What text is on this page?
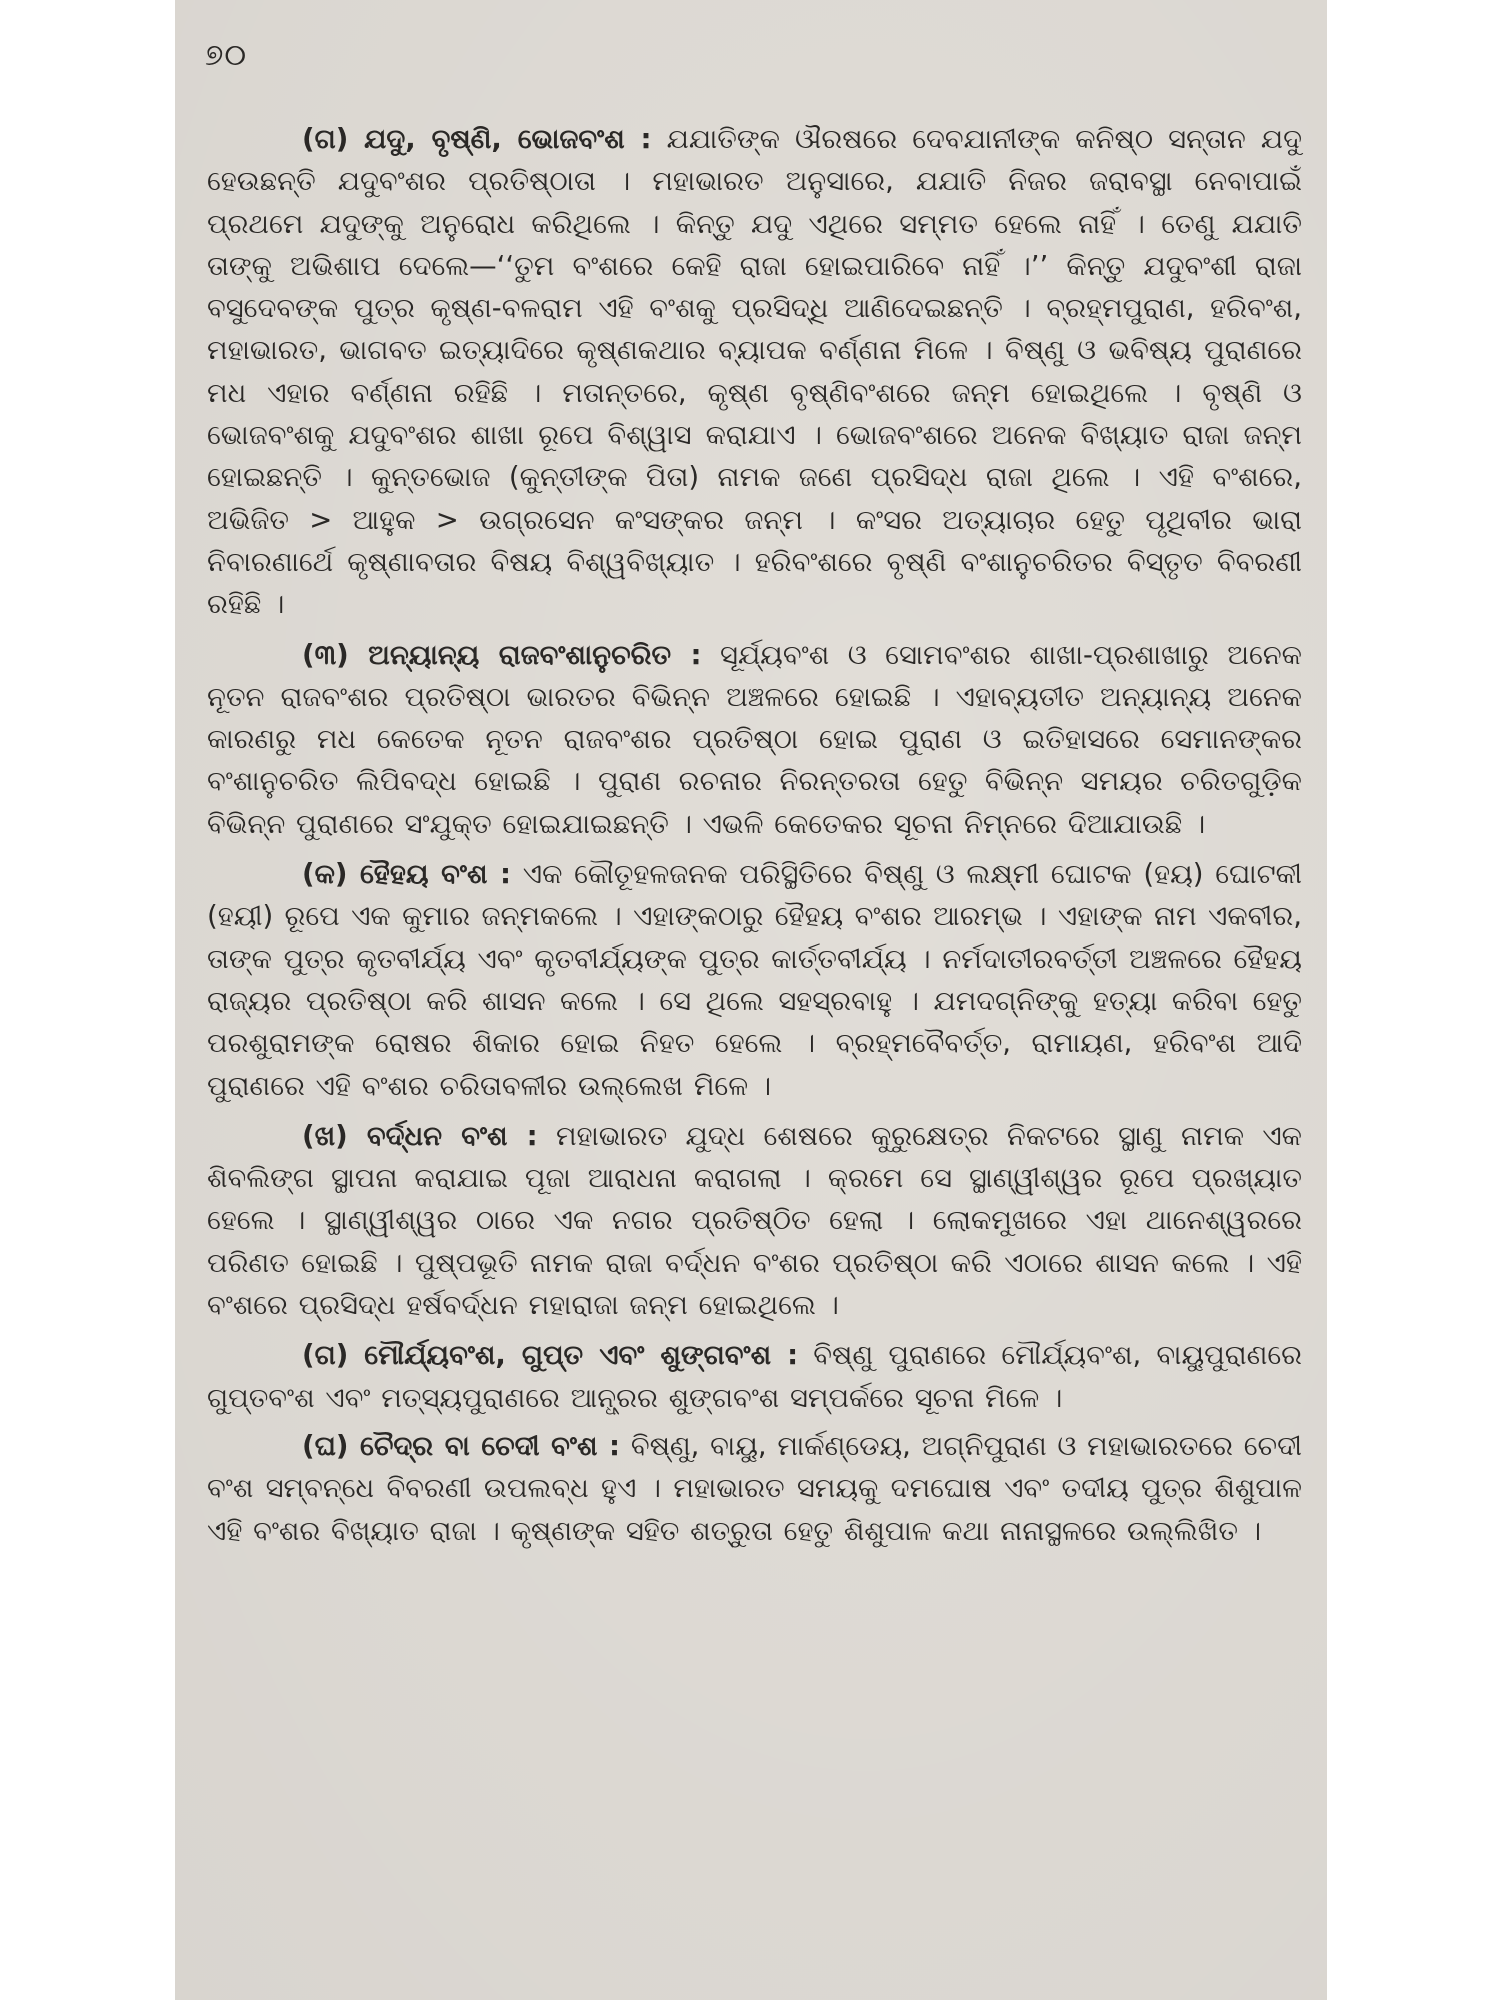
୭୦

(ଗ) ଯଦୁ, ବୃଷ୍ଣି, ଭୋଜବଂଶ : ଯଯାତିଙ୍କ ଔରଷରେ ଦେବଯାନୀଙ୍କ କନିଷ୍ଠ ସନ୍ତାନ ଯଦୁ ହେଉଛନ୍ତି ଯଦୁବଂଶର ପ୍ରତିଷ୍ଠାତା । ମହାଭାରତ ଅନୁସାରେ, ଯଯାତି ନିଜର ଜରାବସ୍ଥା ନେବାପାଇଁ ପ୍ରଥମେ ଯଦୁଙ୍କୁ ଅନୁରୋଧ କରିଥିଲେ । କିନ୍ତୁ ଯଦୁ ଏଥିରେ ସମ୍ମତ ହେଲେ ନାହିଁ । ତେଣୁ ଯଯାତି ତାଙ୍କୁ ଅଭିଶାପ ଦେଲେ—‘‘ତୁମ ବଂଶରେ କେହି ରାଜା ହୋଇପାରିବେ ନାହିଁ ।’’ କିନ୍ତୁ ଯଦୁବଂଶୀ ରାଜା ବସୁଦେବଙ୍କ ପୁତ୍ର କୃଷ୍ଣ-ବଳରାମ ଏହି ବଂଶକୁ ପ୍ରସିଦ୍ଧି ଆଣିଦେଇଛନ୍ତି । ବ୍ରହ୍ମପୁରାଣ, ହରିବଂଶ, ମହାଭାରତ, ଭାଗବତ ଇତ୍ୟାଦିରେ କୃଷ୍ଣକଥାର ବ୍ୟାପକ ବର୍ଣ୍ଣନା ମିଳେ । ବିଷ୍ଣୁ ଓ ଭବିଷ୍ୟ ପୁରାଣରେ ମଧ ଏହାର ବର୍ଣ୍ଣନା ରହିଛି । ମତାନ୍ତରେ, କୃଷ୍ଣ ବୃଷ୍ଣିବଂଶରେ ଜନ୍ମ ହୋଇଥିଲେ । ବୃଷ୍ଣି ଓ ଭୋଜବଂଶକୁ ଯଦୁବଂଶର ଶାଖା ରୂପେ ବିଶ୍ୱାସ କରାଯାଏ । ଭୋଜବଂଶରେ ଅନେକ ବିଖ୍ୟାତ ରାଜା ଜନ୍ମ ହୋଇଛନ୍ତି । କୁନ୍ତଭୋଜ (କୁନ୍ତୀଙ୍କ ପିତା) ନାମକ ଜଣେ ପ୍ରସିଦ୍ଧ ରାଜା ଥିଲେ । ଏହି ବଂଶରେ, ଅଭିଜିତ > ଆହୁକ > ଉଗ୍ରସେନ କଂସଙ୍କର ଜନ୍ମ । କଂସର ଅତ୍ୟାଚାର ହେତୁ ପୃଥିବୀର ଭାରା ନିବାରଣାର୍ଥେ କୃଷ୍ଣାବତାର ବିଷୟ ବିଶ୍ୱବିଖ୍ୟାତ । ହରିବଂଶରେ ବୃଷ୍ଣି ବଂଶାନୁଚରିତର ବିସ୍ତୃତ ବିବରଣୀ ରହିଛି ।

(୩) ଅନ୍ୟାନ୍ୟ ରାଜବଂଶାନୁଚରିତ : ସୂର୍ଯ୍ୟବଂଶ ଓ ସୋମବଂଶର ଶାଖା-ପ୍ରଶାଖାରୁ ଅନେକ ନୂତନ ରାଜବଂଶର ପ୍ରତିଷ୍ଠା ଭାରତର ବିଭିନ୍ନ ଅଞ୍ଚଳରେ ହୋଇଛି । ଏହାବ୍ୟତୀତ ଅନ୍ୟାନ୍ୟ ଅନେକ କାରଣରୁ ମଧ କେତେକ ନୂତନ ରାଜବଂଶର ପ୍ରତିଷ୍ଠା ହୋଇ ପୁରାଣ ଓ ଇତିହାସରେ ସେମାନଙ୍କର ବଂଶାନୁଚରିତ ଲିପିବଦ୍ଧ ହୋଇଛି । ପୁରାଣ ରଚନାର ନିରନ୍ତରତା ହେତୁ ବିଭିନ୍ନ ସମୟର ଚରିତଗୁଡ଼ିକ ବିଭିନ୍ନ ପୁରାଣରେ ସଂଯୁକ୍ତ ହୋଇଯାଇଛନ୍ତି । ଏଭଳି କେତେକର ସୂଚନା ନିମ୍ନରେ ଦିଆଯାଉଛି ।

(କ) ହୈହୟ ବଂଶ : ଏକ କୌତୂହଳଜନକ ପରିସ୍ଥିତିରେ ବିଷ୍ଣୁ ଓ ଲକ୍ଷ୍ମୀ ଘୋଟକ (ହୟ) ଘୋଟକୀ (ହୟୀ) ରୂପେ ଏକ କୁମାର ଜନ୍ମକଲେ । ଏହାଙ୍କଠାରୁ ହୈହୟ ବଂଶର ଆରମ୍ଭ । ଏହାଙ୍କ ନାମ ଏକବୀର, ତାଙ୍କ ପୁତ୍ର କୃତବୀର୍ଯ୍ୟ ଏବଂ କୃତବୀର୍ଯ୍ୟଙ୍କ ପୁତ୍ର କାର୍ତ୍ତବୀର୍ଯ୍ୟ । ନର୍ମଦାତୀରବର୍ତ୍ତୀ ଅଞ୍ଚଳରେ ହୈହୟ ରାଜ୍ୟର ପ୍ରତିଷ୍ଠା କରି ଶାସନ କଲେ । ସେ ଥିଲେ ସହସ୍ରବାହୁ । ଯମଦଗ୍ନିଙ୍କୁ ହତ୍ୟା କରିବା ହେତୁ ପରଶୁରାମଙ୍କ ରୋଷର ଶିକାର ହୋଇ ନିହତ ହେଲେ । ବ୍ରହ୍ମବୈବର୍ତ୍ତ, ରାମାୟଣ, ହରିବଂଶ ଆଦି ପୁରାଣରେ ଏହି ବଂଶର ଚରିତାବଳୀର ଉଲ୍ଲେଖ ମିଳେ ।

(ଖ) ବର୍ଦ୍ଧନ ବଂଶ : ମହାଭାରତ ଯୁଦ୍ଧ ଶେଷରେ କୁରୁକ୍ଷେତ୍ର ନିକଟରେ ସ୍ଥାଣୁ ନାମକ ଏକ ଶିବଲିଙ୍ଗ ସ୍ଥାପନା କରାଯାଇ ପୂଜା ଆରାଧନା କରାଗଲା । କ୍ରମେ ସେ ସ୍ଥାଣ୍ୱୀଶ୍ୱର ରୂପେ ପ୍ରଖ୍ୟାତ ହେଲେ । ସ୍ଥାଣ୍ୱୀଶ୍ୱର ଠାରେ ଏକ ନଗର ପ୍ରତିଷ୍ଠିତ ହେଲା । ଲୋକମୁଖରେ ଏହା ଥାନେଶ୍ୱରରେ ପରିଣତ ହୋଇଛି । ପୁଷ୍ପଭୂତି ନାମକ ରାଜା ବର୍ଦ୍ଧନ ବଂଶର ପ୍ରତିଷ୍ଠା କରି ଏଠାରେ ଶାସନ କଲେ । ଏହି ବଂଶରେ ପ୍ରସିଦ୍ଧ ହର୍ଷବର୍ଦ୍ଧନ ମହାରାଜା ଜନ୍ମ ହୋଇଥିଲେ ।

(ଗ) ମୌର୍ଯ୍ୟବଂଶ, ଗୁପ୍ତ ଏବଂ ଶୁଙ୍ଗବଂଶ : ବିଷ୍ଣୁ ପୁରାଣରେ ମୌର୍ଯ୍ୟବଂଶ, ବାୟୁପୁରାଣରେ ଗୁପ୍ତବଂଶ ଏବଂ ମତ୍ସ୍ୟପୁରାଣରେ ଆନ୍ଧ୍ରର ଶୁଙ୍ଗବଂଶ ସମ୍ପର୍କରେ ସୂଚନା ମିଳେ ।

(ଘ) ଚୈଦ୍ର ବା ଚେଦୀ ବଂଶ : ବିଷ୍ଣୁ, ବାୟୁ, ମାର୍କଣ୍ଡେୟ, ଅଗ୍ନିପୁରାଣ ଓ ମହାଭାରତରେ ଚେଦୀ ବଂଶ ସମ୍ବନ୍ଧେ ବିବରଣୀ ଉପଲବ୍ଧ ହୁଏ । ମହାଭାରତ ସମୟକୁ ଦମଘୋଷ ଏବଂ ତଦୀୟ ପୁତ୍ର ଶିଶୁପାଳ ଏହି ବଂଶର ବିଖ୍ୟାତ ରାଜା । କୃଷ୍ଣଙ୍କ ସହିତ ଶତ୍ରୁତା ହେତୁ ଶିଶୁପାଳ କଥା ନାନାସ୍ଥଳରେ ଉଲ୍ଲିଖିତ ।
